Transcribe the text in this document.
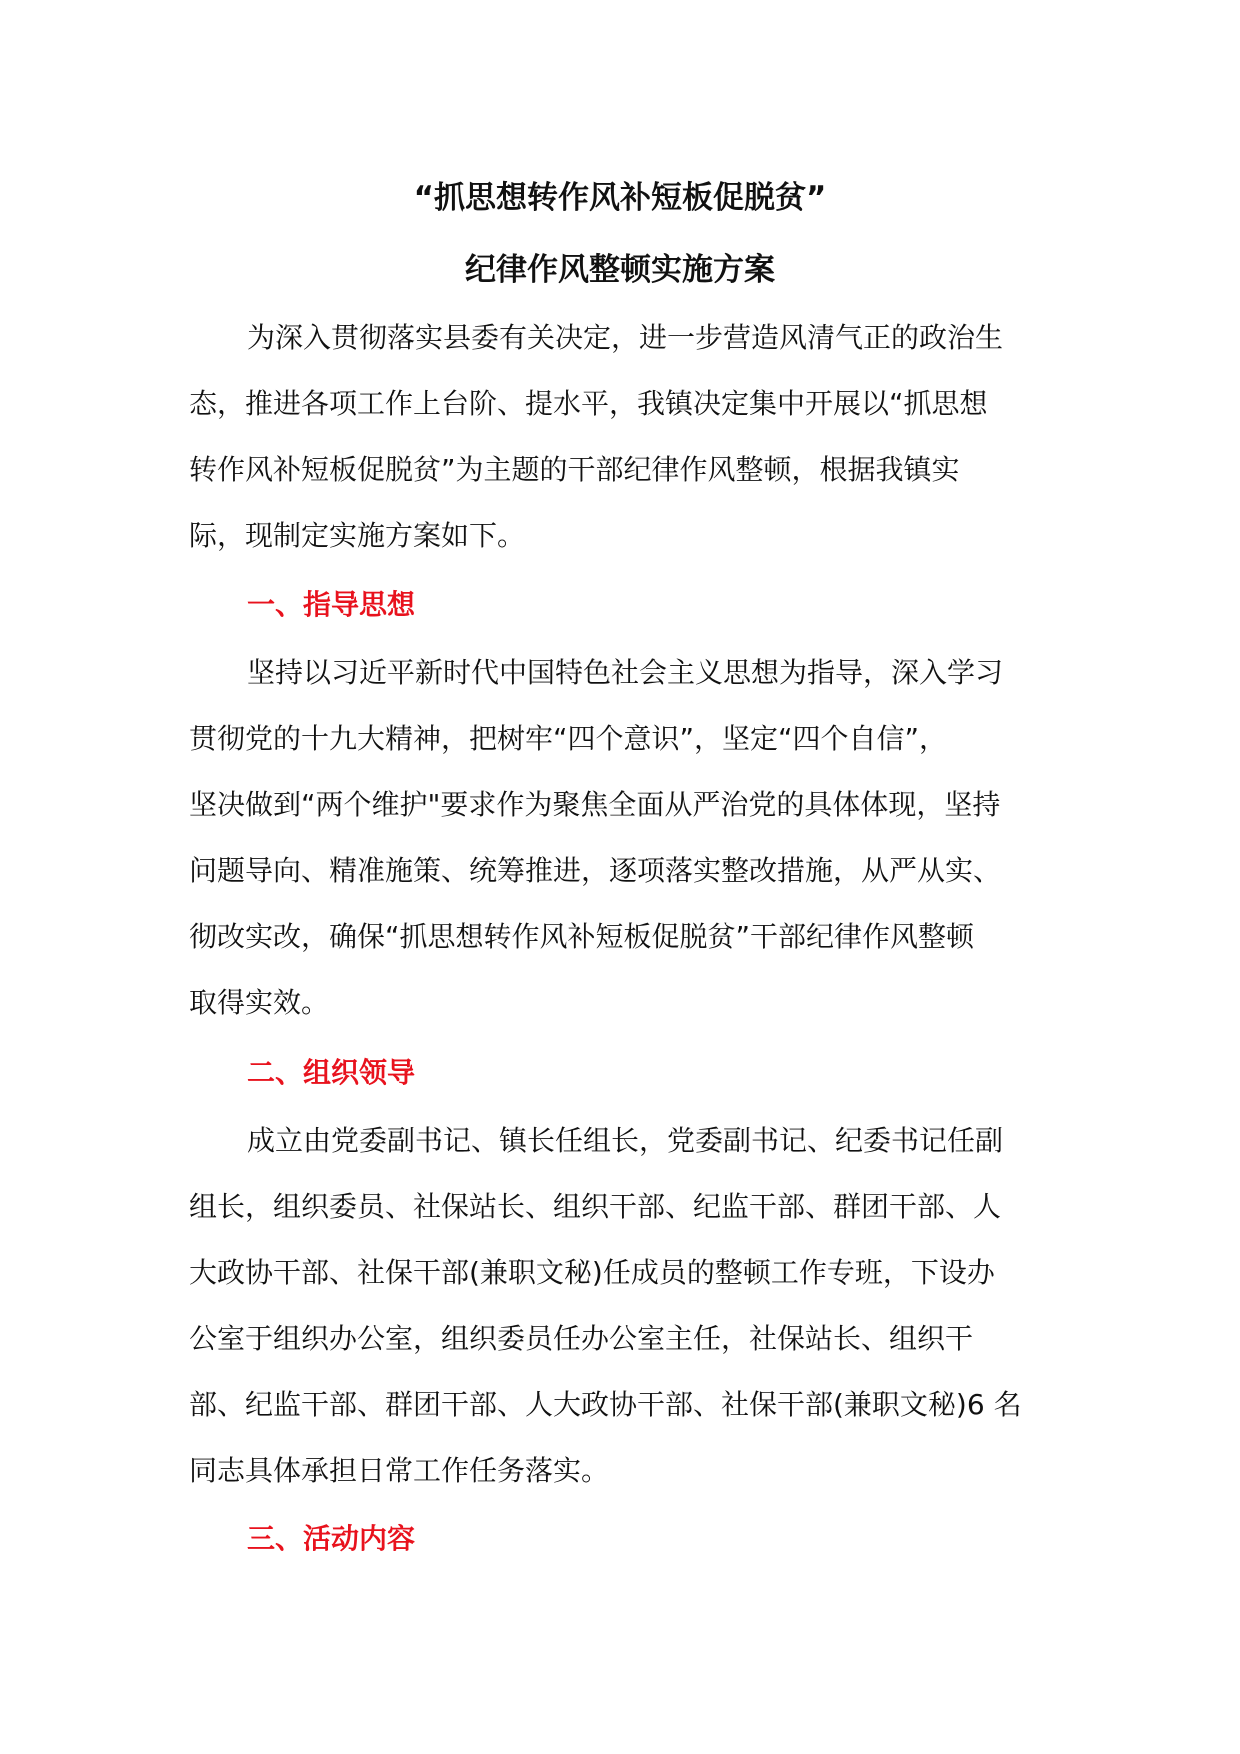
“抓思想转作风补短板促脱贫”
纪律作风整顿实施方案
为深入贯彻落实县委有关决定，进一步营造风清气正的政治生
态，推进各项工作上台阶、提水平，我镇决定集中开展以“抓思想
转作风补短板促脱贫”为主题的干部纪律作风整顿，根据我镇实
际，现制定实施方案如下。
一、指导思想
坚持以习近平新时代中国特色社会主义思想为指导，深入学习
贯彻党的十九大精神，把树牢“四个意识”，坚定“四个自信”，
坚决做到“两个维护"要求作为聚焦全面从严治党的具体体现，坚持
问题导向、精准施策、统筹推进，逐项落实整改措施，从严从实、
彻改实改，确保“抓思想转作风补短板促脱贫”干部纪律作风整顿
取得实效。
二、组织领导
成立由党委副书记、镇长任组长，党委副书记、纪委书记任副
组长，组织委员、社保站长、组织干部、纪监干部、群团干部、人
大政协干部、社保干部(兼职文秘)任成员的整顿工作专班，下设办
公室于组织办公室，组织委员任办公室主任，社保站长、组织干
部、纪监干部、群团干部、人大政协干部、社保干部(兼职文秘)6 名
同志具体承担日常工作任务落实。
三、活动内容
